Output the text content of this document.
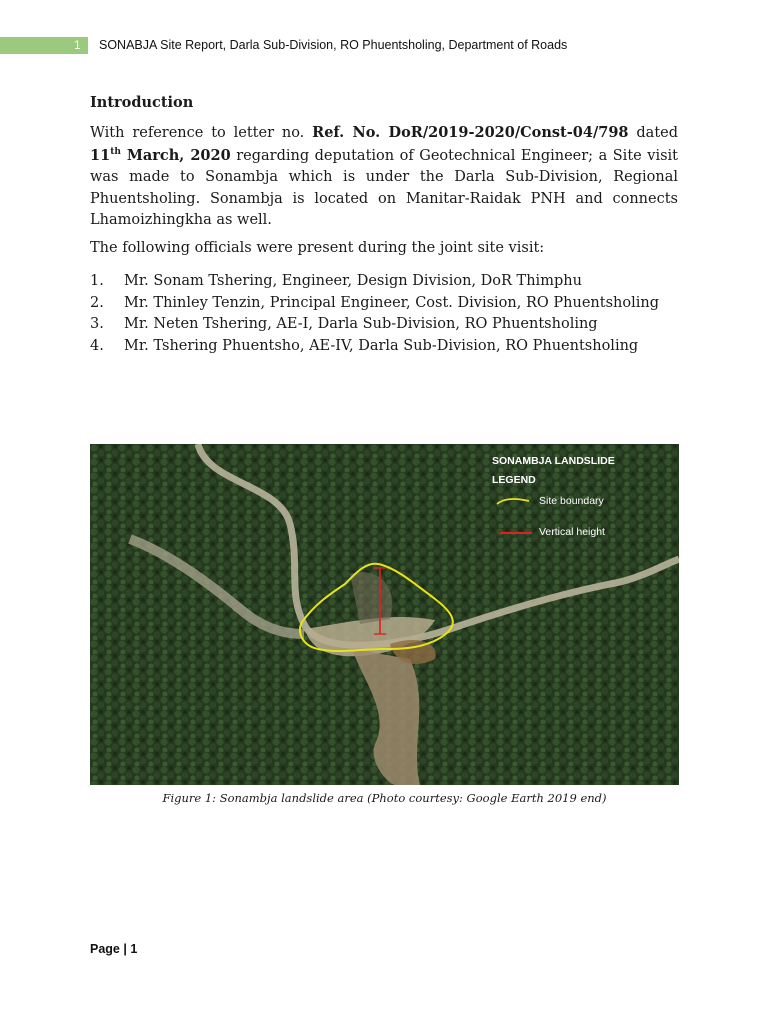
1 SONABJA Site Report, Darla Sub-Division, RO Phuentsholing, Department of Roads
Introduction

With reference to letter no. Ref. No. DoR/2019-2020/Const-04/798 dated 11th March, 2020 regarding deputation of Geotechnical Engineer; a Site visit was made to Sonambja which is under the Darla Sub-Division, Regional Phuentsholing. Sonambja is located on Manitar-Raidak PNH and connects Lhamoizhingkha as well.

The following officials were present during the joint site visit:
1. Mr. Sonam Tshering, Engineer, Design Division, DoR Thimphu
2. Mr. Thinley Tenzin, Principal Engineer, Cost. Division, RO Phuentsholing
3. Mr. Neten Tshering, AE-I, Darla Sub-Division, RO Phuentsholing
4. Mr. Tshering Phuentsho, AE-IV, Darla Sub-Division, RO Phuentsholing
SONAMBJA LANDSLIDE
LEGEND
Site boundary
Vertical height
Figure 1: Sonambja landslide area (Photo courtesy: Google Earth 2019 end)
Page | 1
